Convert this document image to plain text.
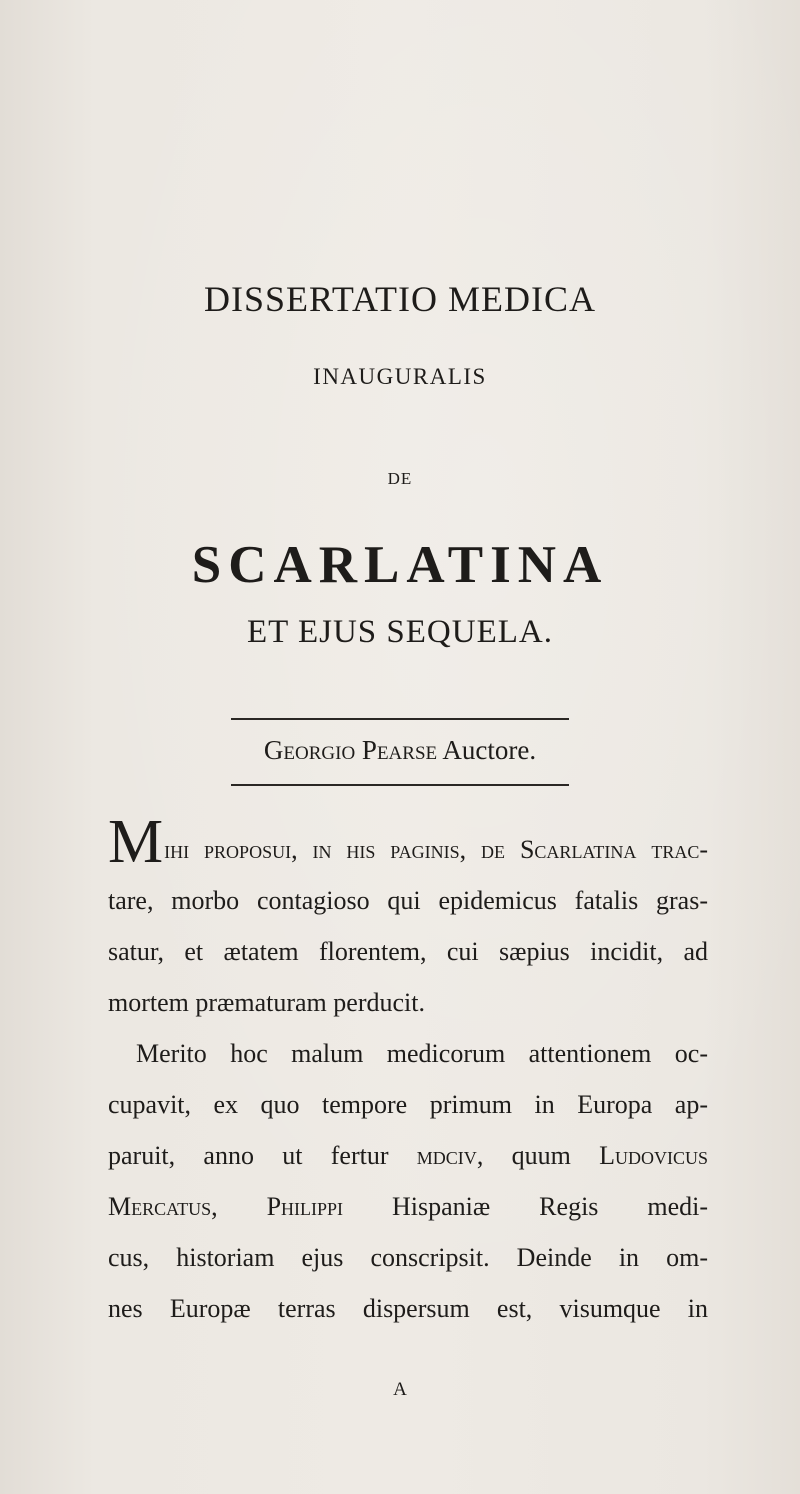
DISSERTATIO MEDICA
INAUGURALIS
DE
SCARLATINA
ET EJUS SEQUELA.
Georgio Pearse Auctore.
Mihi proposui, in his paginis, de Scarlatina trac-
tare, morbo contagioso qui epidemicus fatalis gras-
satur, et ætatem florentem, cui sæpius incidit, ad
mortem præmaturam perducit.
Merito hoc malum medicorum attentionem oc-
cupavit, ex quo tempore primum in Europa ap-
paruit, anno ut fertur mdciv, quum Ludovicus
Mercatus, Philippi Hispaniæ Regis medi-
cus, historiam ejus conscripsit. Deinde in om-
nes Europæ terras dispersum est, visumque in
A
